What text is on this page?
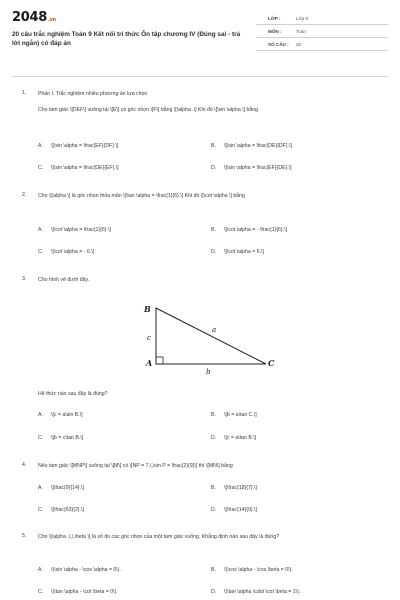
2048.vn
20 câu trắc nghiệm Toán 9 Kết nối tri thức Ôn tập chương IV (Đúng sai - trả lời ngắn) có đáp án
LỚP :	Lớp 9
MÔN :	Toán
SỐ CÂU : 20
1. Phần I. Trắc nghiệm nhiều phương án lựa chọn
Cho tam giác \[DEF\] vuông tại \[E\] có góc nhọn \[F\] bằng \[\alpha .\] Khi đó \[\sin \alpha \] bằng
A. \[\sin \alpha = \frac{EF}{DF}.\]	B. \[\sin \alpha = \frac{DE}{DF}.\]
C. \[\sin \alpha = \frac{DE}{EF}.\]	D. \[\sin \alpha = \frac{EF}{DE}.\]
2. Cho \[\alpha \] là góc nhọn thỏa mãn \[\tan \alpha = \frac{1}{6}.\] Khi đó \[\cot \alpha \] bằng
A. \[\cot \alpha = \frac{1}{6}.\]	B. \[\cot \alpha = - \frac{1}{6}.\]
C. \[\cot \alpha = - 6.\]	D. \[\cot \alpha = 6.\]
3. Cho hình vẽ dưới đây.
B
A	C
a
b
c
Hệ thức nào sau đây là đúng?
A. \[c = a\sin B.\]	B. \[b = a\tan C.\]
C. \[b = c\tan B.\]	D. \[c = a\tan B.\]
4. Nếu tam giác \[MNP\] vuông tại \[M\] có \[NP = 7,\,\sin P = \frac{2}{9}\] thì \[MN\] bằng
A. \[\frac{9}{14}.\]	B. \[\frac{18}{7}.\]
C. \[\frac{63}{2}.\]	D. \[\frac{14}{9}.\]
5. Cho \[\alpha ,\,\,\beta \] là số đo các góc nhọn của một tam giác vuông. Khẳng định nào sau đây là đúng?
A. \(\sin \alpha - \cos \alpha = 0\).	B. \(\cos \alpha - \cos \beta = 0\).
C. \(\tan \alpha - \cot \beta = 0\).	D. \(\tan \alpha \cdot \cot \beta = 1\).
